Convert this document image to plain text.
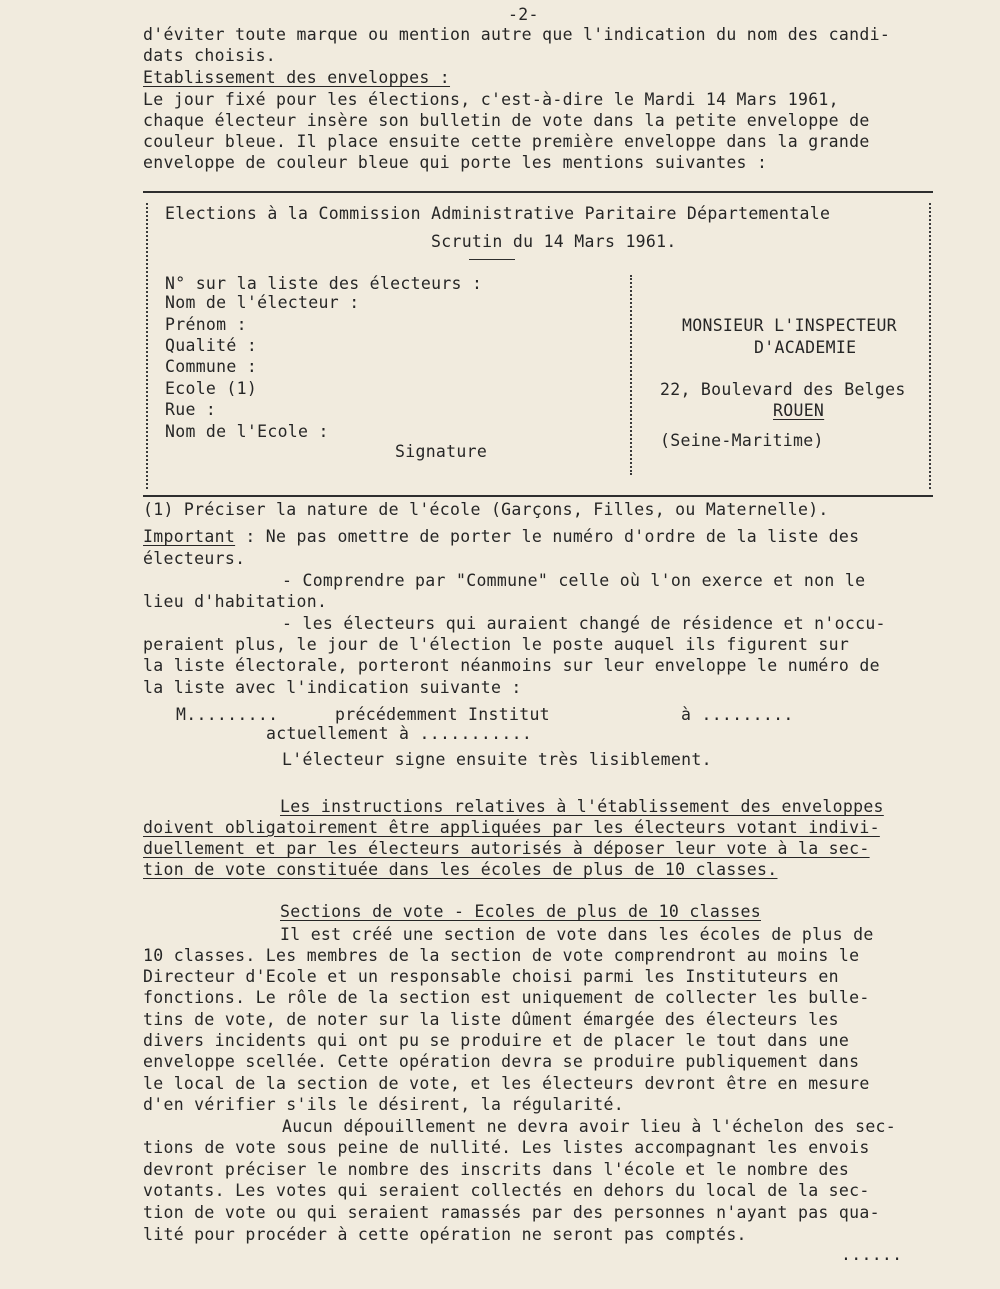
-2-
d'éviter toute marque ou mention autre que l'indication du nom des candi-
dats choisis.
Etablissement des enveloppes :
Le jour fixé pour les élections, c'est-à-dire le Mardi 14 Mars 1961,
chaque électeur insère son bulletin de vote dans la petite enveloppe de
couleur bleue. Il place ensuite cette première enveloppe dans la grande
enveloppe de couleur bleue qui porte les mentions suivantes :
Elections à la Commission Administrative Paritaire Départementale
Scrutin du 14 Mars 1961.
N° sur la liste des électeurs :
Nom de l'électeur :
Prénom :
Qualité :
Commune :
Ecole (1)
Rue :
Nom de l'Ecole :
Signature
MONSIEUR L'INSPECTEUR
D'ACADEMIE
22, Boulevard des Belges
ROUEN
(Seine-Maritime)
(1) Préciser la nature de l'école (Garçons, Filles, ou Maternelle).
Important : Ne pas omettre de porter le numéro d'ordre de la liste des
électeurs.
- Comprendre par "Commune" celle où l'on exerce et non le
lieu d'habitation.
- les électeurs qui auraient changé de résidence et n'occu-
peraient plus, le jour de l'élection le poste auquel ils figurent sur
la liste électorale, porteront néanmoins sur leur enveloppe le numéro de
la liste avec l'indication suivante :
M.........	précédemment Institut	à .........
actuellement à ...........
L'électeur signe ensuite très lisiblement.
Les instructions relatives à l'établissement des enveloppes
doivent obligatoirement être appliquées par les électeurs votant indivi-
duellement et par les électeurs autorisés à déposer leur vote à la sec-
tion de vote constituée dans les écoles de plus de 10 classes.
Sections de vote - Ecoles de plus de 10 classes
Il est créé une section de vote dans les écoles de plus de
10 classes. Les membres de la section de vote comprendront au moins le
Directeur d'Ecole et un responsable choisi parmi les Instituteurs en
fonctions. Le rôle de la section est uniquement de collecter les bulle-
tins de vote, de noter sur la liste dûment émargée des électeurs les
divers incidents qui ont pu se produire et de placer le tout dans une
enveloppe scellée. Cette opération devra se produire publiquement dans
le local de la section de vote, et les électeurs devront être en mesure
d'en vérifier s'ils le désirent, la régularité.
Aucun dépouillement ne devra avoir lieu à l'échelon des sec-
tions de vote sous peine de nullité. Les listes accompagnant les envois
devront préciser le nombre des inscrits dans l'école et le nombre des
votants. Les votes qui seraient collectés en dehors du local de la sec-
tion de vote ou qui seraient ramassés par des personnes n'ayant pas qua-
lité pour procéder à cette opération ne seront pas comptés.
......
